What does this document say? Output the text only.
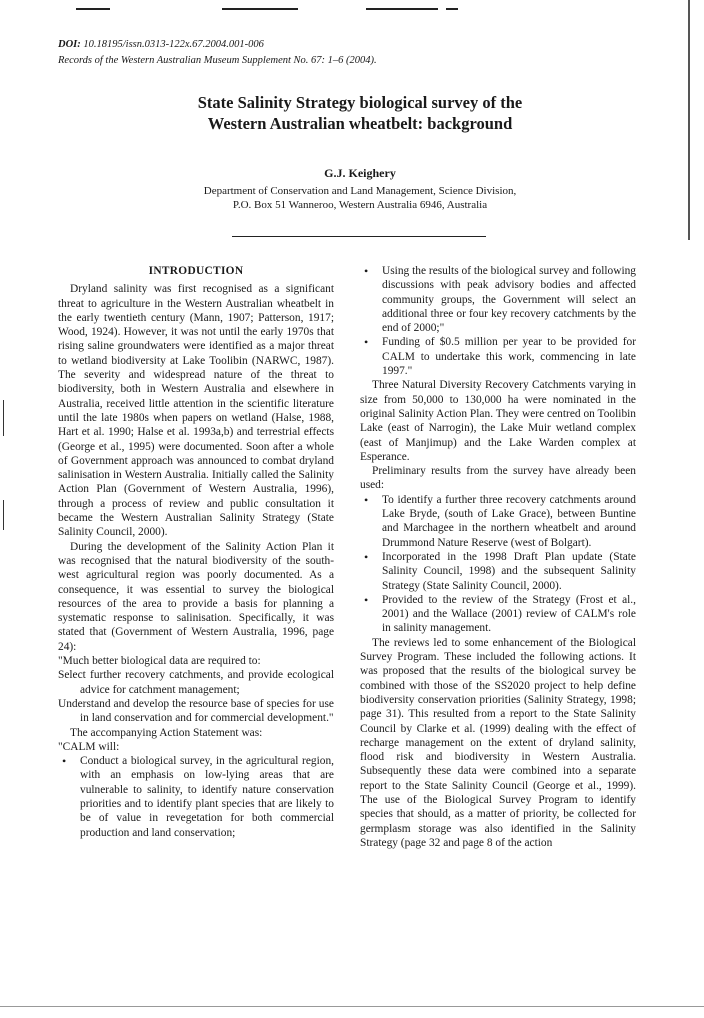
DOI: 10.18195/issn.0313-122x.67.2004.001-006
Records of the Western Australian Museum Supplement No. 67: 1–6 (2004).
State Salinity Strategy biological survey of the
Western Australian wheatbelt: background
G.J. Keighery
Department of Conservation and Land Management, Science Division,
P.O. Box 51 Wanneroo, Western Australia 6946, Australia
INTRODUCTION

Dryland salinity was first recognised as a significant threat to agriculture in the Western Australian wheatbelt in the early twentieth century (Mann, 1907; Patterson, 1917; Wood, 1924). However, it was not until the early 1970s that rising saline groundwaters were identified as a major threat to wetland biodiversity at Lake Toolibin (NARWC, 1987). The severity and widespread nature of the threat to biodiversity, both in Western Australia and elsewhere in Australia, received little attention in the scientific literature until the late 1980s when papers on wetland (Halse, 1988, Hart et al. 1990; Halse et al. 1993a,b) and terrestrial effects (George et al., 1995) were documented. Soon after a whole of Government approach was announced to combat dryland salinisation in Western Australia. Initially called the Salinity Action Plan (Government of Western Australia, 1996), through a process of review and public consultation it became the Western Australian Salinity Strategy (State Salinity Council, 2000).

During the development of the Salinity Action Plan it was recognised that the natural biodiversity of the south-west agricultural region was poorly documented. As a consequence, it was essential to survey the biological resources of the area to provide a basis for planning a systematic response to salinisation. Specifically, it was stated that (Government of Western Australia, 1996, page 24):

"Much better biological data are required to:

Select further recovery catchments, and provide ecological advice for catchment management;

Understand and develop the resource base of species for use in land conservation and for commercial development."

The accompanying Action Statement was:

"CALM will:

• Conduct a biological survey, in the agricultural region, with an emphasis on low-lying areas that are vulnerable to salinity, to identify nature conservation priorities and to identify plant species that are likely to be of value in revegetation for both commercial production and land conservation;
• Using the results of the biological survey and following discussions with peak advisory bodies and affected community groups, the Government will select an additional three or four key recovery catchments by the end of 2000;"
• Funding of $0.5 million per year to be provided for CALM to undertake this work, commencing in late 1997."

Three Natural Diversity Recovery Catchments varying in size from 50,000 to 130,000 ha were nominated in the original Salinity Action Plan. They were centred on Toolibin Lake (east of Narrogin), the Lake Muir wetland complex (east of Manjimup) and the Lake Warden complex at Esperance.

Preliminary results from the survey have already been used:

• To identify a further three recovery catchments around Lake Bryde, (south of Lake Grace), between Buntine and Marchagee in the northern wheatbelt and around Drummond Nature Reserve (west of Bolgart).
• Incorporated in the 1998 Draft Plan update (State Salinity Council, 1998) and the subsequent Salinity Strategy (State Salinity Council, 2000).
• Provided to the review of the Strategy (Frost et al., 2001) and the Wallace (2001) review of CALM's role in salinity management.

The reviews led to some enhancement of the Biological Survey Program. These included the following actions. It was proposed that the results of the biological survey be combined with those of the SS2020 project to help define biodiversity conservation priorities (Salinity Strategy, 1998; page 31). This resulted from a report to the State Salinity Council by Clarke et al. (1999) dealing with the effect of recharge management on the extent of dryland salinity, flood risk and biodiversity in Western Australia. Subsequently these data were combined into a separate report to the State Salinity Council (George et al., 1999). The use of the Biological Survey Program to identify species that should, as a matter of priority, be collected for germplasm storage was also identified in the Salinity Strategy (page 32 and page 8 of the action
